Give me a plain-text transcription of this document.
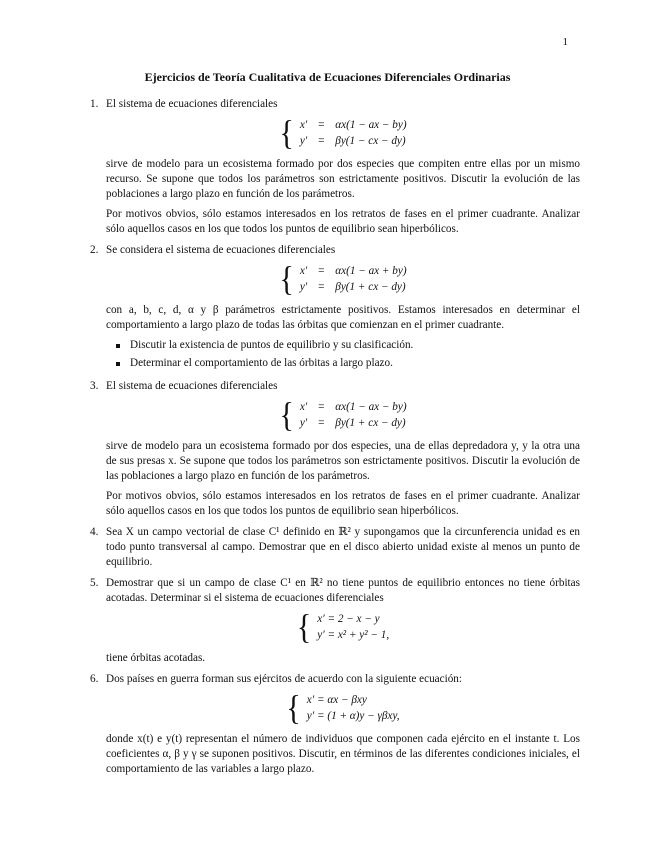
1
Ejercicios de Teoría Cualitativa de Ecuaciones Diferenciales Ordinarias
1. El sistema de ecuaciones diferenciales

{ x′ = αx(1 − ax − by)
y′ = βy(1 − cx − dy)

sirve de modelo para un ecosistema formado por dos especies que compiten entre ellas por un mismo recurso. Se supone que todos los parámetros son estrictamente positivos. Discutir la evolución de las poblaciones a largo plazo en función de los parámetros.

Por motivos obvios, sólo estamos interesados en los retratos de fases en el primer cuadrante. Analizar sólo aquellos casos en los que todos los puntos de equilibrio sean hiperbólicos.

2. Se considera el sistema de ecuaciones diferenciales

{ x′ = αx(1 − ax + by)
y′ = βy(1 + cx − dy)

con a, b, c, d, α y β parámetros estrictamente positivos. Estamos interesados en determinar el comportamiento a largo plazo de todas las órbitas que comienzan en el primer cuadrante.

Discutir la existencia de puntos de equilibrio y su clasificación.
Determinar el comportamiento de las órbitas a largo plazo.
3. El sistema de ecuaciones diferenciales

{ x′ = αx(1 − ax − by)
y′ = βy(1 + cx − dy)

sirve de modelo para un ecosistema formado por dos especies, una de ellas depredadora y, y la otra una de sus presas x. Se supone que todos los parámetros son estrictamente positivos. Discutir la evolución de las poblaciones a largo plazo en función de los parámetros.

Por motivos obvios, sólo estamos interesados en los retratos de fases en el primer cuadrante. Analizar sólo aquellos casos en los que todos los puntos de equilibrio sean hiperbólicos.

4. Sea X un campo vectorial de clase C¹ definido en ℝ² y supongamos que la circunferencia unidad es en todo punto transversal al campo. Demostrar que en el disco abierto unidad existe al menos un punto de equilibrio.

5. Demostrar que si un campo de clase C¹ en ℝ² no tiene puntos de equilibrio entonces no tiene órbitas acotadas. Determinar si el sistema de ecuaciones diferenciales

{ x′ = 2 − x − y
y′ = x² + y² − 1,

tiene órbitas acotadas.

6. Dos países en guerra forman sus ejércitos de acuerdo con la siguiente ecuación:

{ x′ = αx − βxy
y′ = (1 + α)y − γβxy,

donde x(t) e y(t) representan el número de individuos que componen cada ejército en el instante t. Los coeficientes α, β y γ se suponen positivos. Discutir, en términos de las diferentes condiciones iniciales, el comportamiento de las variables a largo plazo.
